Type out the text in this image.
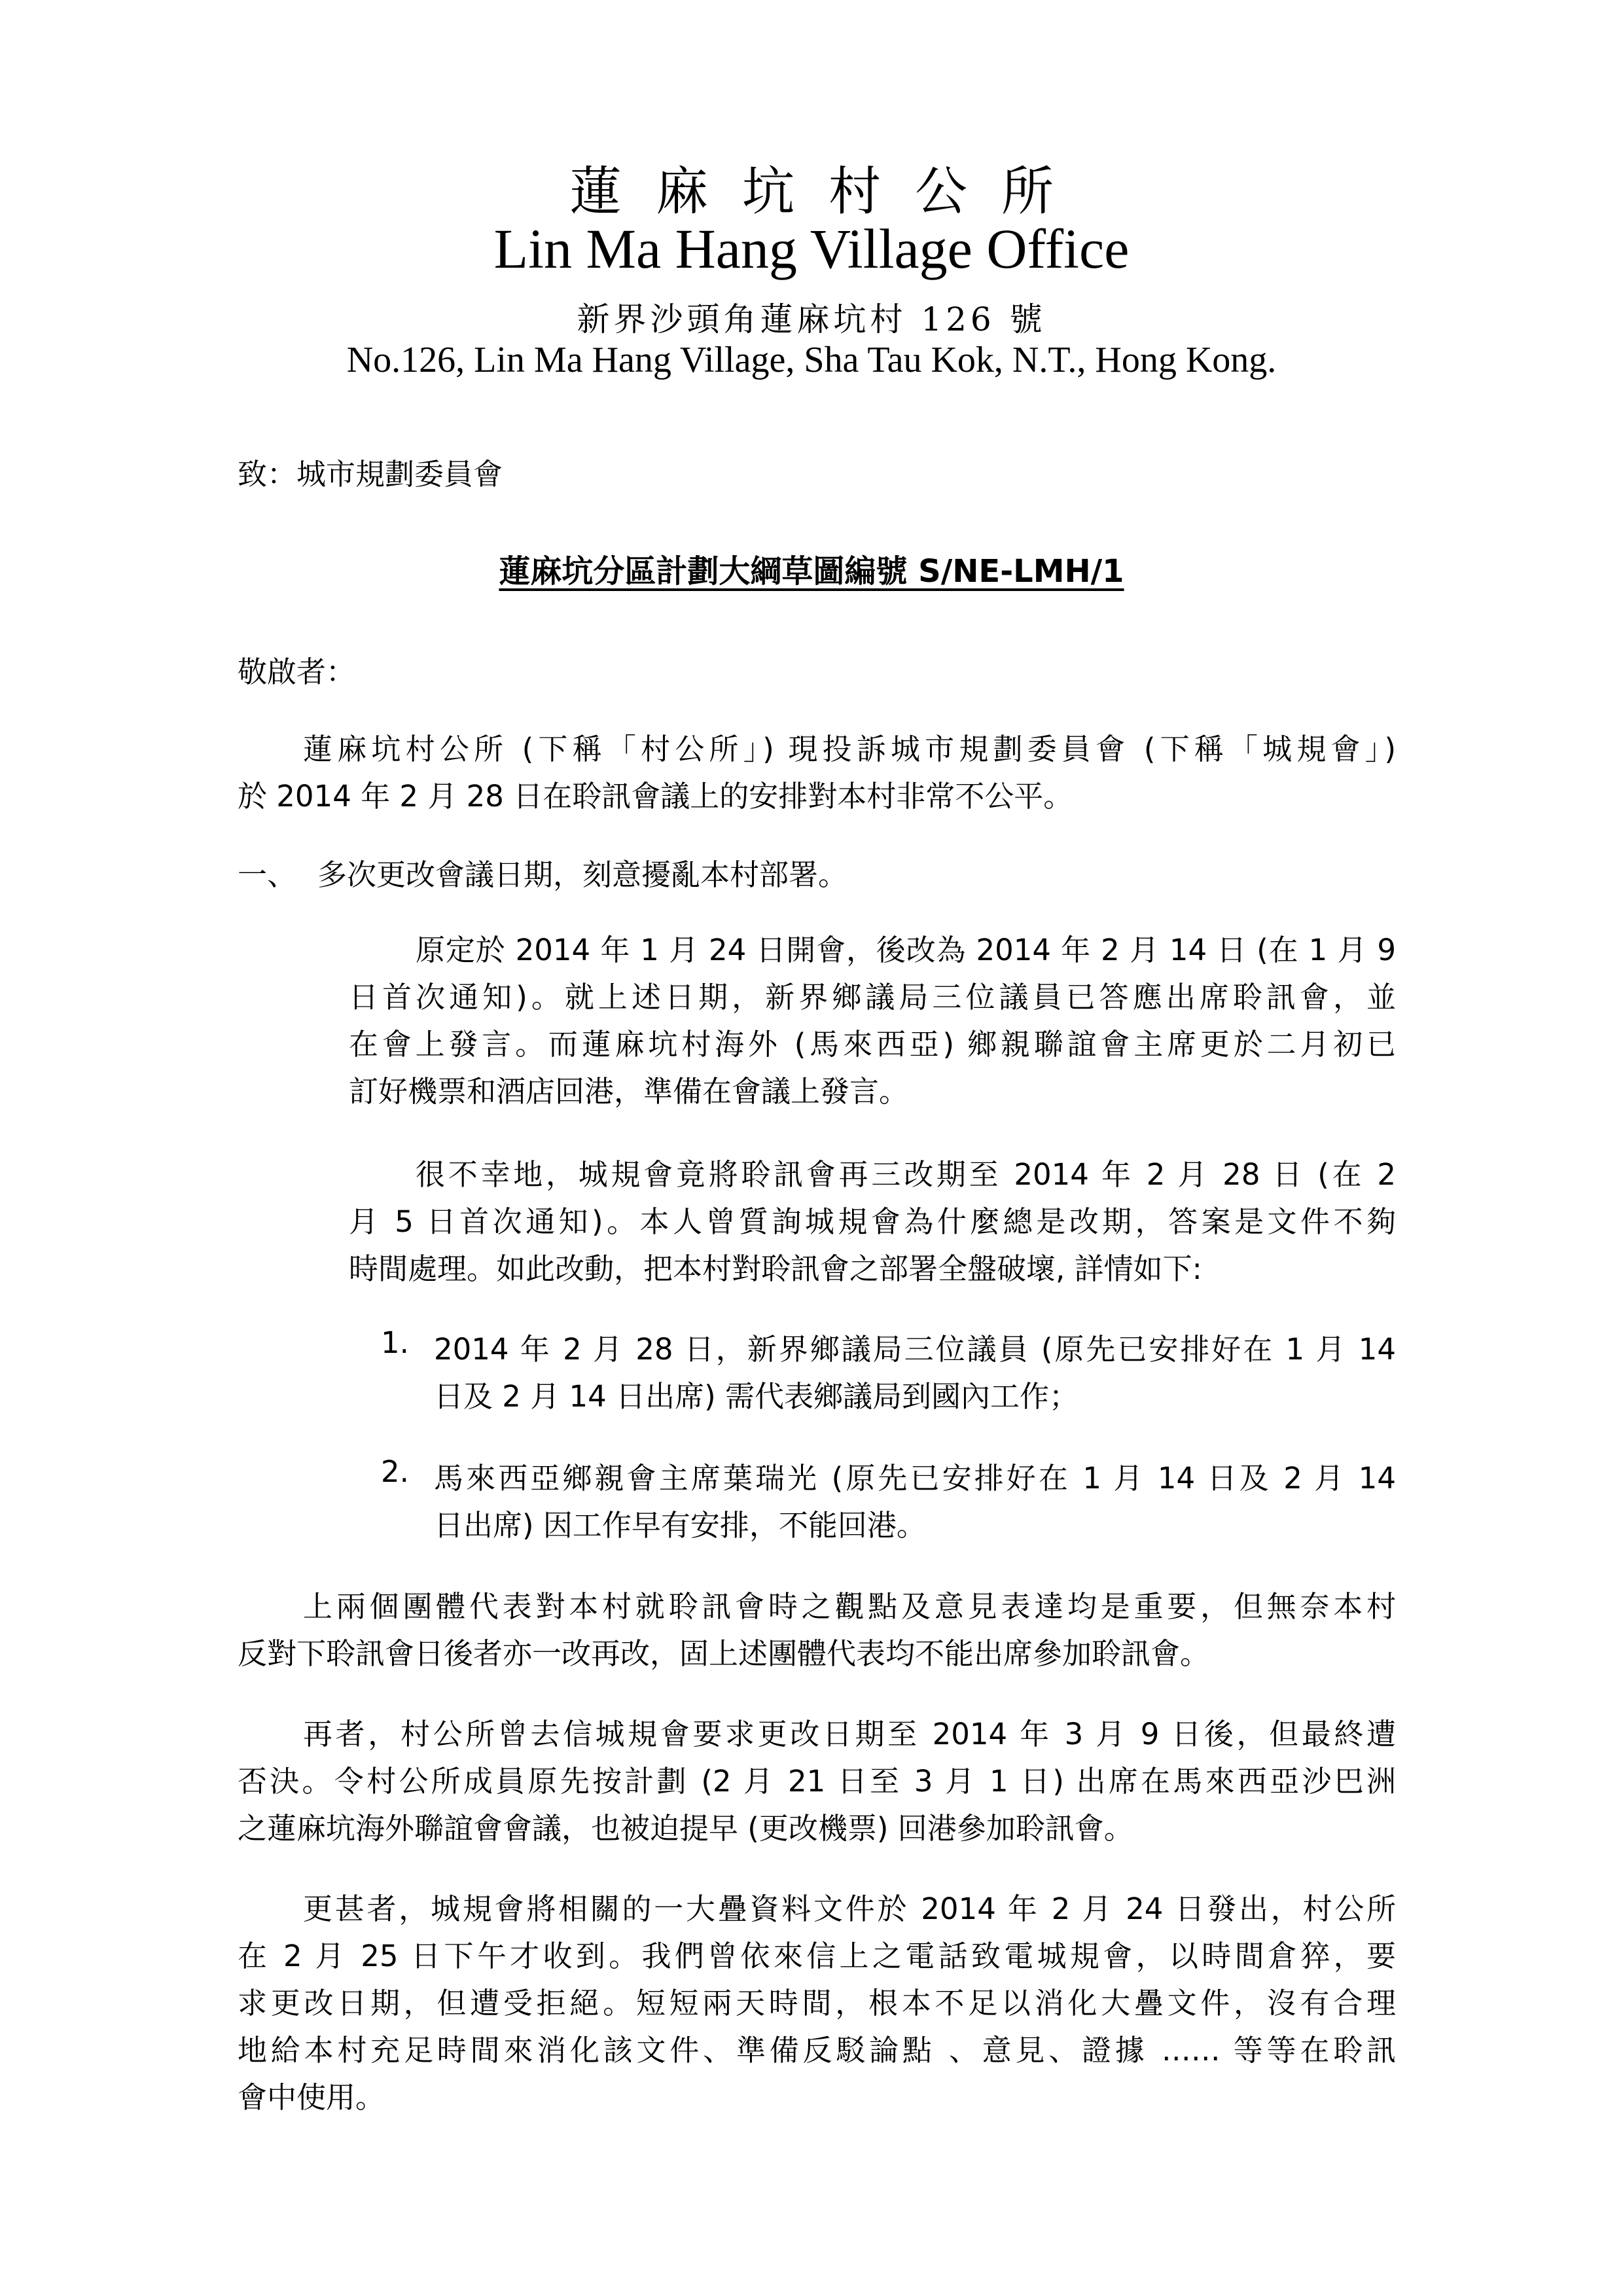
蓮麻坑村公所
Lin Ma Hang Village Office
新界沙頭角蓮麻坑村 126 號
No.126, Lin Ma Hang Village, Sha Tau Kok, N.T., Hong Kong.
致：城市規劃委員會
蓮麻坑分區計劃大綱草圖編號 S/NE-LMH/1
敬啟者：
蓮麻坑村公所 (下稱「村公所」) 現投訴城市規劃委員會 (下稱「城規會」)
於 2014 年 2 月 28 日在聆訊會議上的安排對本村非常不公平。
一、 多次更改會議日期，刻意擾亂本村部署。
原定於 2014 年 1 月 24 日開會，後改為 2014 年 2 月 14 日 (在 1 月 9
日首次通知)。就上述日期，新界鄉議局三位議員已答應出席聆訊會，並
在會上發言。而蓮麻坑村海外 (馬來西亞) 鄉親聯誼會主席更於二月初已
訂好機票和酒店回港，準備在會議上發言。
很不幸地，城規會竟將聆訊會再三改期至 2014 年 2 月 28 日 (在 2
月 5 日首次通知)。本人曾質詢城規會為什麼總是改期，答案是文件不夠
時間處理。如此改動，把本村對聆訊會之部署全盤破壞, 詳情如下:
1. 2014 年 2 月 28 日，新界鄉議局三位議員 (原先已安排好在 1 月 14
日及 2 月 14 日出席) 需代表鄉議局到國內工作；
2. 馬來西亞鄉親會主席葉瑞光 (原先已安排好在 1 月 14 日及 2 月 14
日出席) 因工作早有安排，不能回港。
上兩個團體代表對本村就聆訊會時之觀點及意見表達均是重要，但無奈本村
反對下聆訊會日後者亦一改再改，固上述團體代表均不能出席參加聆訊會。
再者，村公所曾去信城規會要求更改日期至 2014 年 3 月 9 日後，但最終遭
否決。令村公所成員原先按計劃 (2 月 21 日至 3 月 1 日) 出席在馬來西亞沙巴洲
之蓮麻坑海外聯誼會會議，也被迫提早 (更改機票) 回港參加聆訊會。
更甚者，城規會將相關的一大疊資料文件於 2014 年 2 月 24 日發出，村公所
在 2 月 25 日下午才收到。我們曾依來信上之電話致電城規會，以時間倉猝，要
求更改日期，但遭受拒絕。短短兩天時間，根本不足以消化大疊文件，沒有合理
地給本村充足時間來消化該文件、準備反駁論點 、意見、證據 …… 等等在聆訊
會中使用。
